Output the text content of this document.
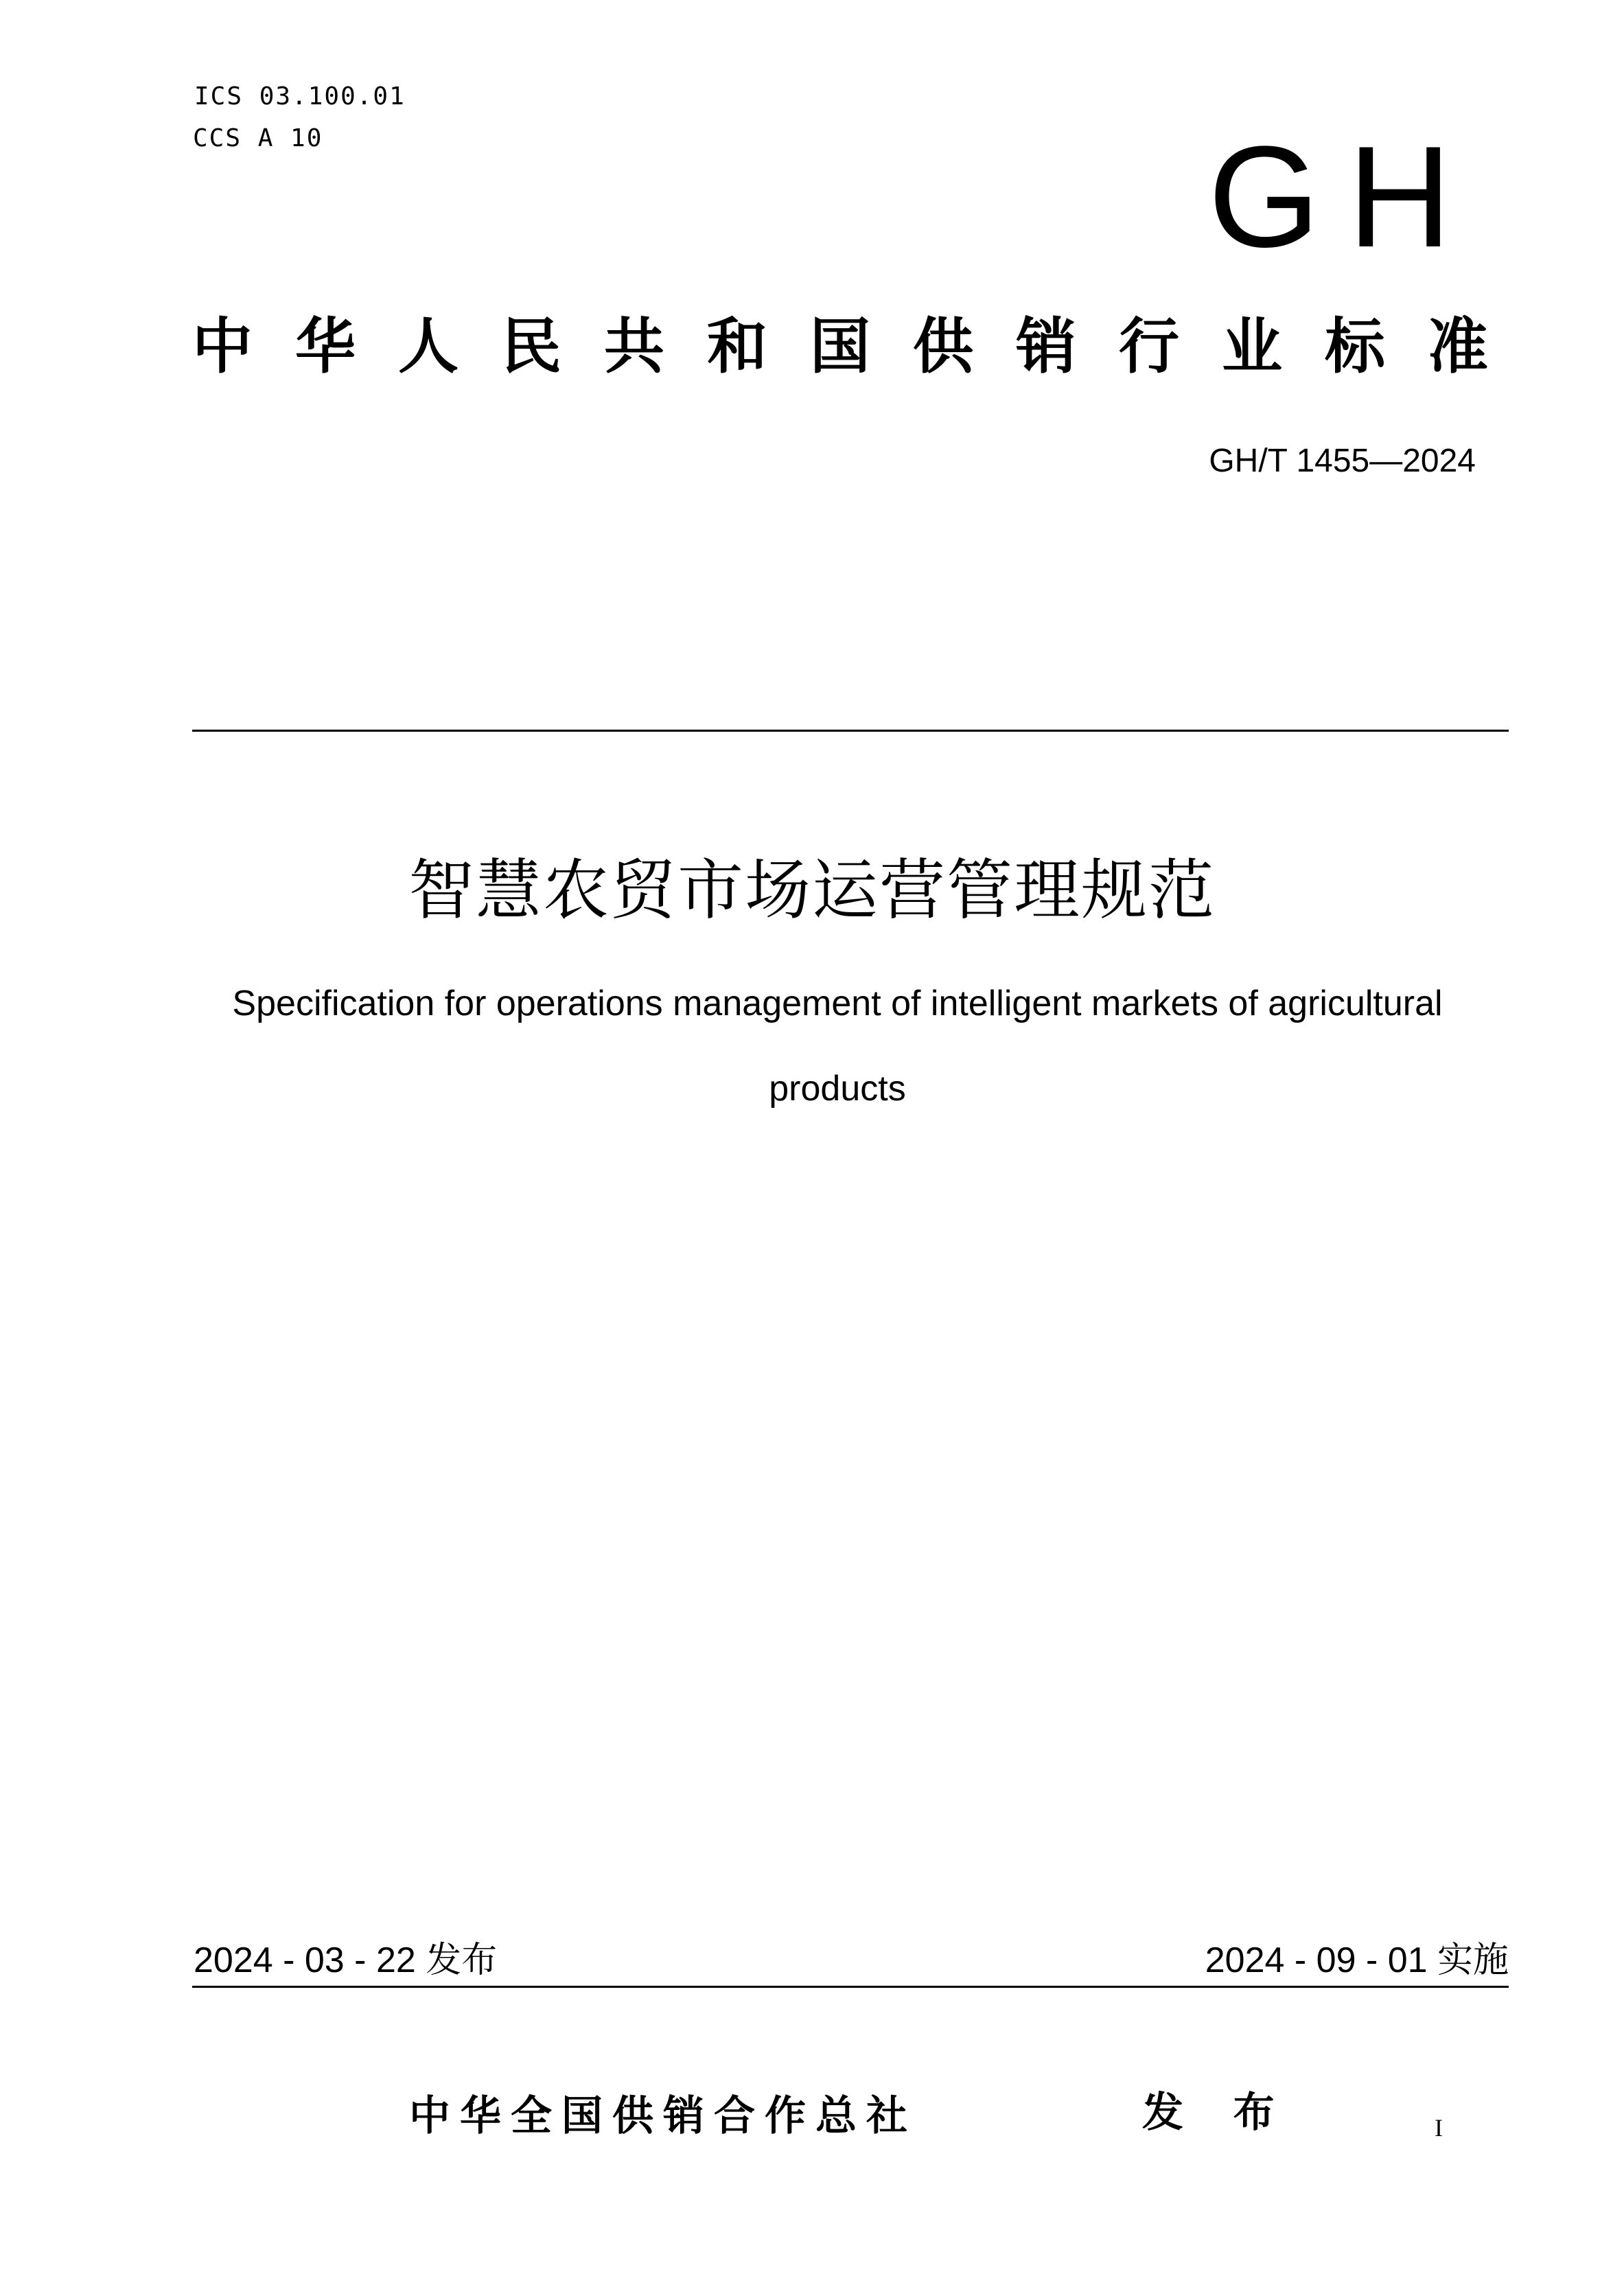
ICS 03.100.01
CCS A 10	GH
中华人民共和国供销行业标准
GH/T 1455—2024
智慧农贸市场运营管理规范
Specification for operations management of intelligent markets of agricultural products
2024 - 03 - 22 发布	2024 - 09 - 01 实施
中华全国供销合作总社	发 布	I
